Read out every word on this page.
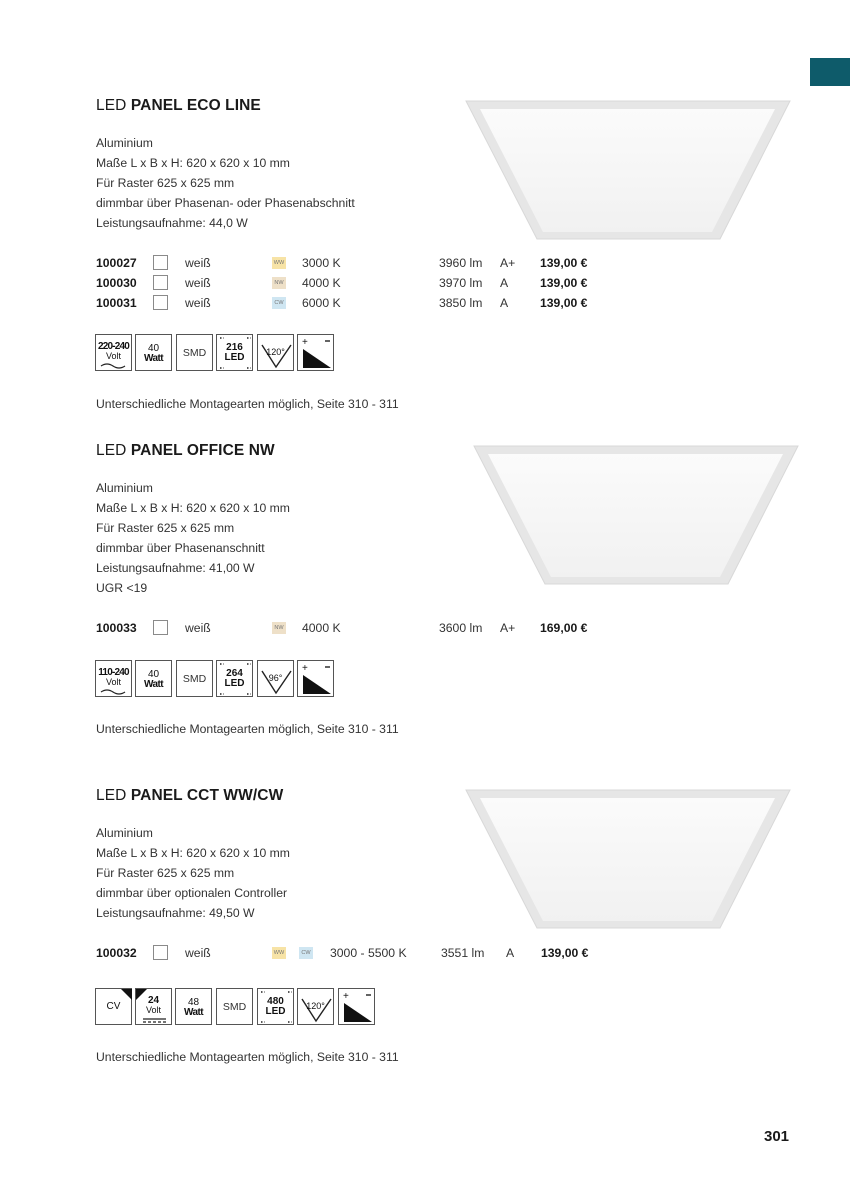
LED PANEL ECO LINE
Aluminium
Maße L x B x H: 620 x 620 x 10 mm
Für Raster 625 x 625 mm
dimmbar über Phasenan- oder Phasenabschnitt
Leistungsaufnahme: 44,0 W
100027	weiß	WW 3000 K	3960 lm A+ 139,00 €
100030	weiß	NW 4000 K	3970 lm A	139,00 €
100031	weiß	CW 6000 K	3850 lm A	139,00 €
220-240
Volt
40
Watt	SMD	216
LED	120°
+
Unterschiedliche Montagearten möglich, Seite 310 - 311
LED PANEL OFFICE NW
Aluminium
Maße L x B x H: 620 x 620 x 10 mm
Für Raster 625 x 625 mm
dimmbar über Phasenanschnitt
Leistungsaufnahme: 41,00 W
UGR <19
100033	weiß	NW 4000 K	3600 lm A+ 169,00 €
110-240
Volt
40
Watt	SMD	264
LED	96°
+
Unterschiedliche Montagearten möglich, Seite 310 - 311
LED PANEL CCT WW/CW
Aluminium
Maße L x B x H: 620 x 620 x 10 mm
Für Raster 625 x 625 mm
dimmbar über optionalen Controller
Leistungsaufnahme: 49,50 W
100032	weiß	WW	CW 3000 - 5500 K	3551 lm A 139,00 €
CV
24
Volt
48
Watt	SMD	480
LED	120°
+
Unterschiedliche Montagearten möglich, Seite 310 - 311
301
